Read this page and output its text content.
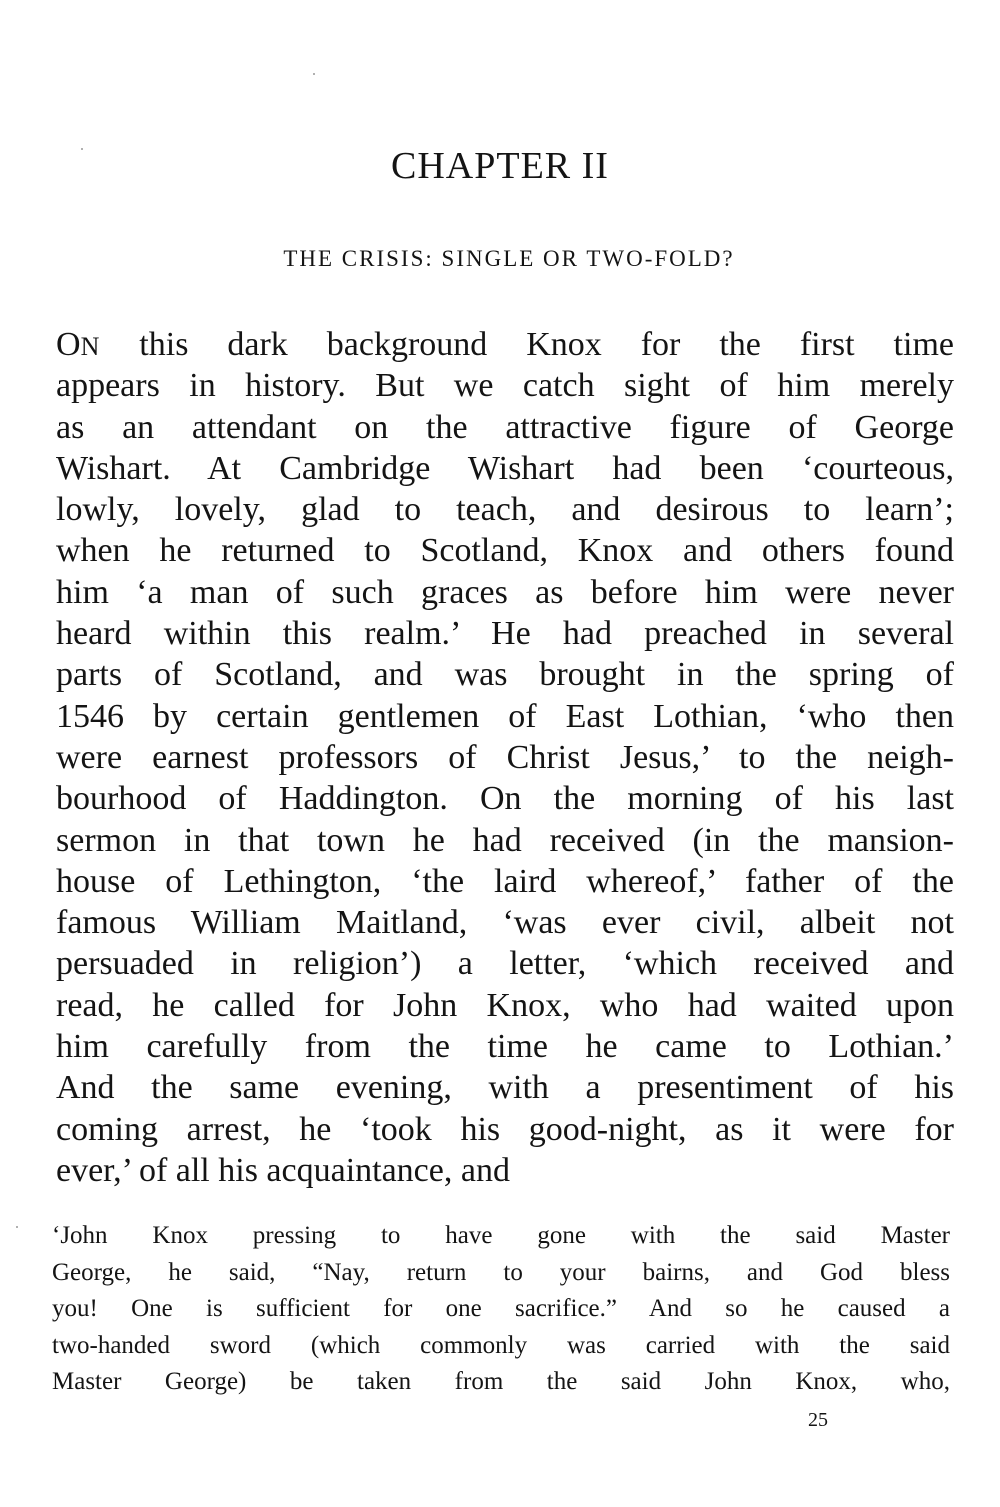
CHAPTER II
THE CRISIS: SINGLE OR TWO-FOLD?
ON this dark background Knox for the first time
appears in history. But we catch sight of him merely
as an attendant on the attractive figure of George
Wishart. At Cambridge Wishart had been ‘courteous,
lowly, lovely, glad to teach, and desirous to learn’;
when he returned to Scotland, Knox and others found
him ‘a man of such graces as before him were never
heard within this realm.’ He had preached in several
parts of Scotland, and was brought in the spring of
1546 by certain gentlemen of East Lothian, ‘who then
were earnest professors of Christ Jesus,’ to the neigh-
bourhood of Haddington. On the morning of his last
sermon in that town he had received (in the mansion-
house of Lethington, ‘the laird whereof,’ father of the
famous William Maitland, ‘was ever civil, albeit not
persuaded in religion’) a letter, ‘which received and
read, he called for John Knox, who had waited upon
him carefully from the time he came to Lothian.’
And the same evening, with a presentiment of his
coming arrest, he ‘took his good-night, as it were for
ever,’ of all his acquaintance, and
‘John Knox pressing to have gone with the said Master
George, he said, “Nay, return to your bairns, and God bless
you! One is sufficient for one sacrifice.” And so he caused a
two-handed sword (which commonly was carried with the said
Master George) be taken from the said John Knox, who,
25
